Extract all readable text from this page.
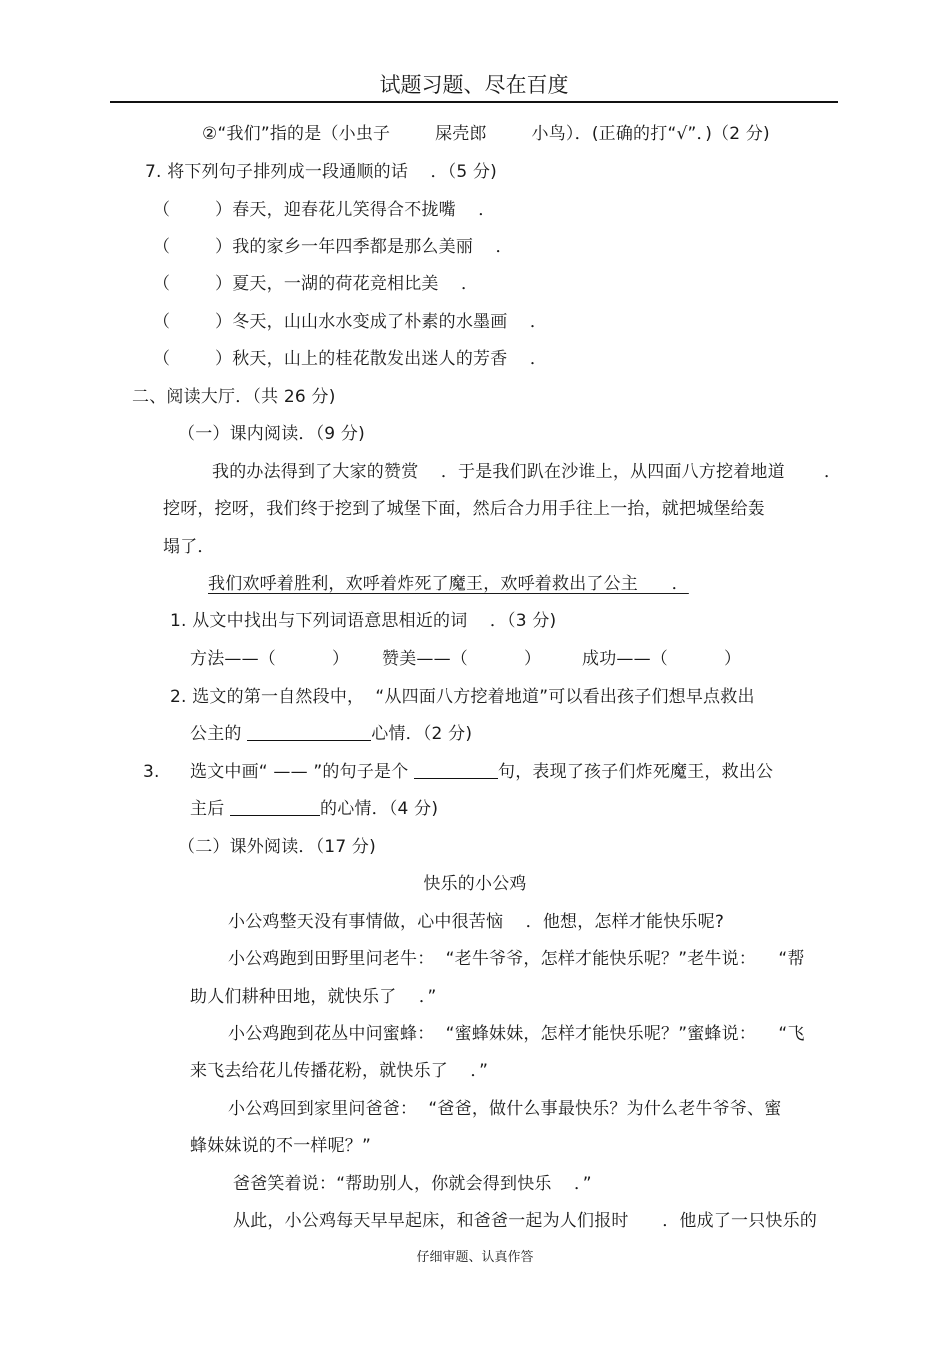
试题习题、尽在百度
②“我们”指的是（小虫子        屎壳郎        小鸟）．(正确的打“√”．)（2 分)
7. 将下列句子排列成一段通顺的话    ．（5 分)
（        ）春天，迎春花儿笑得合不拢嘴    ．
（        ）我的家乡一年四季都是那么美丽    ．
（        ）夏天，一湖的荷花竞相比美    ．
（        ）冬天，山山水水变成了朴素的水墨画    ．
（        ）秋天，山上的桂花散发出迷人的芳香    ．
二、阅读大厅．（共 26 分)
（一）课内阅读．（9 分)
我的办法得到了大家的赞赏    ．于是我们趴在沙谁上，从四面八方挖着地道       ．
挖呀，挖呀，我们终于挖到了城堡下面，然后合力用手往上一抬，就把城堡给轰
塌了．
我们欢呼着胜利，欢呼着炸死了魔王，欢呼着救出了公主      ．
1. 从文中找出与下列词语意思相近的词    ．（3 分)
方法——（          ） 赞美——（          ） 成功——（          ）
2. 选文的第一自然段中，  “从四面八方挖着地道”可以看出孩子们想早点救出
公主的	心情．（2 分)
3. 选文中画“ —— ”的句子是个	句，表现了孩子们炸死魔王，救出公
主后	的心情．（4 分)
（二）课外阅读．（17 分)
快乐的小公鸡
小公鸡整天没有事情做，心中很苦恼    ．他想，怎样才能快乐呢?
小公鸡跑到田野里问老牛：  “老牛爷爷，怎样才能快乐呢？”老牛说：    “帮
助人们耕种田地，就快乐了    ．”
小公鸡跑到花丛中问蜜蜂：  “蜜蜂妹妹，怎样才能快乐呢？”蜜蜂说：    “飞
来飞去给花儿传播花粉，就快乐了    ．”
小公鸡回到家里问爸爸：  “爸爸，做什么事最快乐？为什么老牛爷爷、蜜
蜂妹妹说的不一样呢？”
爸爸笑着说：“帮助别人，你就会得到快乐    ．”
从此，小公鸡每天早早起床，和爸爸一起为人们报时      ．他成了一只快乐的
仔细审题、认真作答
